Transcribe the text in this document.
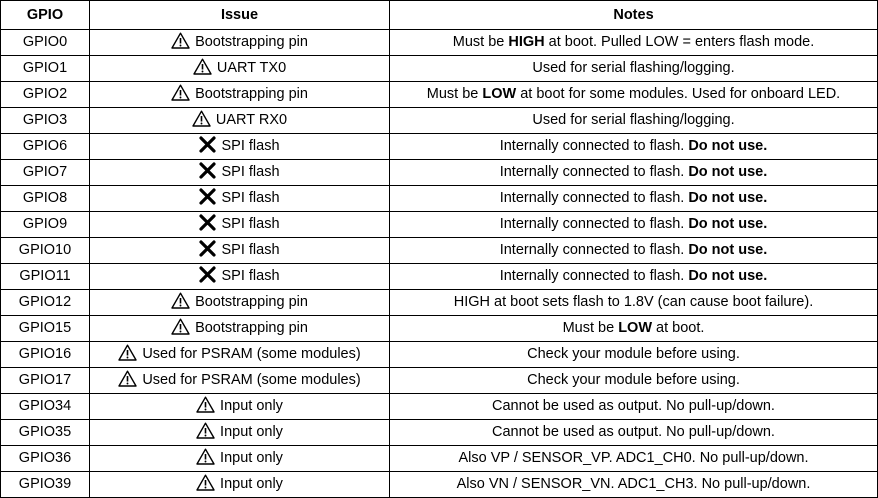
GPIO	Issue	Notes
GPIO0	Bootstrapping pin	Must be HIGH at boot. Pulled LOW = enters flash mode.
GPIO1	UART TX0	Used for serial flashing/logging.
GPIO2	Bootstrapping pin	Must be LOW at boot for some modules. Used for onboard LED.
GPIO3	UART RX0	Used for serial flashing/logging.
GPIO6	SPI flash	Internally connected to flash. Do not use.
GPIO7	SPI flash	Internally connected to flash. Do not use.
GPIO8	SPI flash	Internally connected to flash. Do not use.
GPIO9	SPI flash	Internally connected to flash. Do not use.
GPIO10	SPI flash	Internally connected to flash. Do not use.
GPIO11	SPI flash	Internally connected to flash. Do not use.
GPIO12	Bootstrapping pin	HIGH at boot sets flash to 1.8V (can cause boot failure).
GPIO15	Bootstrapping pin	Must be LOW at boot.
GPIO16	Used for PSRAM (some modules)	Check your module before using.
GPIO17	Used for PSRAM (some modules)	Check your module before using.
GPIO34	Input only	Cannot be used as output. No pull-up/down.
GPIO35	Input only	Cannot be used as output. No pull-up/down.
GPIO36	Input only	Also VP / SENSOR_VP. ADC1_CH0. No pull-up/down.
GPIO39	Input only	Also VN / SENSOR_VN. ADC1_CH3. No pull-up/down.
